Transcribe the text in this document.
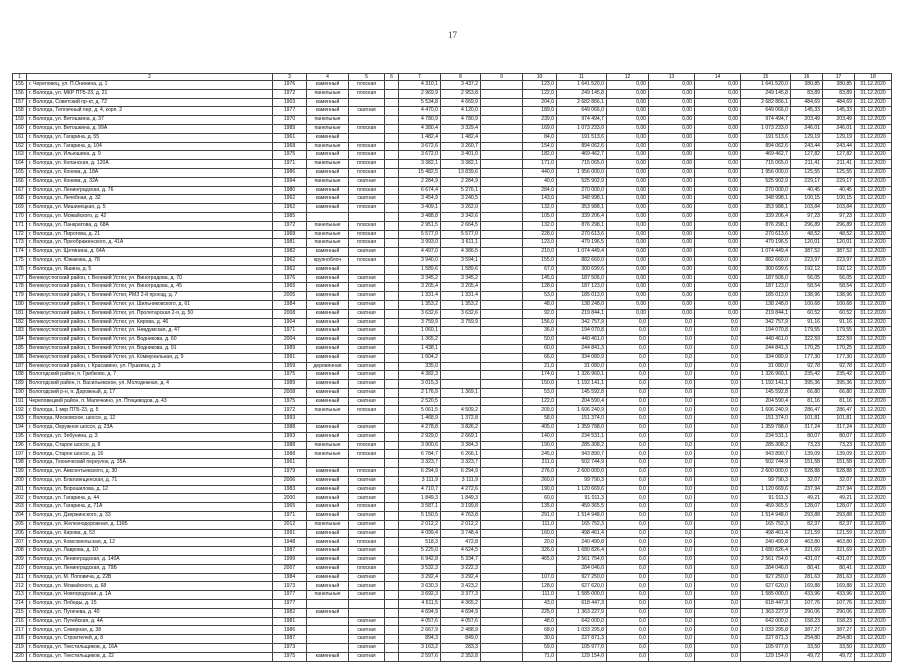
17
1	2	3	4	5	6	7	8	9	10	11	12	13	14	15	16	17	18
155	г. Череповец, ул. П.Онинина, д. 1	1976	каменный	плоская		4 310,1	3 437,2		123,0	1 641 520,0	0,00	0,00	0,00	1 641 520,0	380,85	380,85	31.12.2020
156	г. Вологда, ул. МКР ПТБ-23, д. 21	1972	панельные	плоская		2 969,9	2 953,8		122,0	249 145,8	0,00	0,00	0,00	249 145,8	83,89	83,89	31.12.2020
157	г. Вологда, Советский пр-кт, д. 72	1903	каменный			5 534,8	4 669,9		204,0	2 682 866,1	0,00	0,00	0,00	2 682 866,1	484,69	484,69	31.12.2020
158	г. Вологда, Тепличный пер, д. 4, корп. 2	1977	каменный	скатная		4 470,0	4 120,0		189,0	649 066,0	0,00	0,00	0,00	649 066,0	145,33	145,33	31.12.2020
159	г. Вологда, ул. Ветошкина, д. 37	1970	панельные			4 780,9	4 780,9		239,0	974 494,7	0,00	0,00	0,00	974 494,7	203,49	203,49	31.12.2020
160	г. Вологда, ул. Ветошкина, д. 99А	1989	панельные	плоская		4 380,4	3 329,4		169,0	1 073 233,0	0,00	0,00	0,00	1 073 233,0	246,01	246,01	31.12.2020
161	г. Вологда, ул. Гагарина, д. 55	1961	каменный			1 482,4	1 482,4		84,0	191 513,6	0,00	0,00	0,00	191 513,6	129,19	129,19	31.12.2020
162	г. Вологда, ул. Гагарина, д. 104	1968	панельные	плоская		3 672,6	3 260,7		154,0	894 062,6	0,00	0,00	0,00	894 062,6	243,44	243,44	31.12.2020
163	г. Вологда, ул. Ильюшина, д. 9	1975	каменный	плоская		3 672,0	3 401,0		182,0	469 462,7	0,00	0,00	0,00	469 462,7	127,82	127,82	31.12.2020
164	г. Вологда, ул. Копанская, д. 120А	1971	панельные	плоская		3 382,1	3 382,1		171,0	715 065,0	0,00	0,00	0,00	715 065,0	211,41	211,41	31.12.2020
165	г. Вологда, ул. Конева, д. 18А	1986	каменный	плоская		15 482,5	13 839,6		440,0	1 956 000,0	0,00	0,00	0,00	1 956 000,0	125,55	125,55	31.12.2020
166	г. Вологда, ул. Конева, д. 32А	1994	панельные	скатная		2 284,9	2 284,9		40,0	525 902,9	0,00	0,00	0,00	525 902,9	229,17	229,17	31.12.2020
167	г. Вологда, ул. Ленинградская, д. 76	1980	каменный	плоская		6 674,4	5 276,1		284,0	270 000,0	0,00	0,00	0,00	270 000,0	40,45	40,45	31.12.2020
168	г. Вологда, ул. Лечебная, д. 32	1962	каменный	скатная		3 454,9	3 240,5		143,0	348 998,1	0,00	0,00	0,00	348 998,1	100,15	100,15	31.12.2020
169	г. Вологда, ул. Мишинецкая, д. 5	1962	каменный	плоская		3 409,1	3 262,0		132,0	353 988,1	0,00	0,00	0,00	353 988,1	103,84	103,84	31.12.2020
170	г. Вологда, ул. Можайского, д. 42	1985				3 488,8	3 342,6		105,0	339 206,4	0,00	0,00	0,00	339 206,4	97,23	97,23	31.12.2020
171	г. Вологда, ул. Панкратова, д. 68А	1972	панельные	плоская		2 951,5	2 664,5		132,0	876 298,1	0,00	0,00	0,00	876 298,1	296,89	296,89	31.12.2020
172	г. Вологда, ул. Пирогова, д. 21	1968	панельные	плоская		5 577,0	5 577,0		228,0	270 613,6	0,00	0,00	0,00	270 613,6	48,52	48,52	31.12.2020
173	г. Вологда, ул. Преображенского, д. 41А	1981	панельные	плоская		3 993,0	3 611,1		123,0	479 196,5	0,00	0,00	0,00	479 196,5	120,01	120,01	31.12.2020
174	г. Вологда, ул. Щетинина, д. 64А	1982	каменный	скатная		4 497,0	4 386,5		210,0	1 074 449,4	0,00	0,00	0,00	1 074 449,4	387,52	387,52	31.12.2020
175	г. Вологда, ул. Южакова, д. 78	1962	крупноблоч	плоская		3 940,0	3 594,1		155,0	882 660,0	0,00	0,00	0,00	882 660,0	223,97	223,97	31.12.2020
176	г. Вологда, ул. Яшина, д. 5	1962	каменный			1 589,6	1 589,6		67,0	300 699,6	0,00	0,00	0,00	300 699,6	192,12	192,12	31.12.2020
177	Великоустюгский район, г. Великий Устюг, ул. Виноградова, д. 70	1976	каменный	скатная		3 345,2	3 345,2		145,0	187 506,0	0,00	0,00	0,00	187 506,0	56,05	56,05	31.12.2020
178	Великоустюгский район, г. Великий Устюг, ул. Виноградова, д. 45	1965	каменный	скатная		3 205,4	3 205,4		128,0	187 123,0	0,00	0,00	0,00	187 123,0	58,54	58,54	31.12.2020
179	Великоустюгский район, г. Великий Устюг, РМЗ 2-й проезд, д. 7	2005	каменный	скатная		1 331,4	1 331,4		53,0	185 013,0	0,00	0,00	0,00	185 013,0	138,96	138,96	31.12.2020
180	Великоустюгский район, г. Великий Устюг, ул. Шильниковского, д. 61	1984	каменный	скатная		1 353,2	1 353,2		48,0	138 248,0	0,00	0,00	0,00	138 248,0	100,68	100,68	31.12.2020
181	Великоустюгский район, г. Великий Устюг, ул. Пролетарская 2-я, д. 50	2008	каменный	скатная		3 632,6	3 632,6		92,0	219 844,1	0,00	0,00	0,00	219 844,1	60,52	60,52	31.12.2020
182	Великоустюгский район, г. Великий Устюг, ул. Кирова, д. 46	1904	каменный	скатная		3 759,9	3 759,9		156,0	342 757,9	0,0	0,0	0,0	342 757,9	91,16	91,16	31.12.2020
183	Великоустюгский район, г. Великий Устюг, ул. Невдумская, д. 47	1971	каменный	скатная		1 060,1			36,0	194 070,8	0,0	0,0	0,0	194 070,8	179,55	179,55	31.12.2020
184	Великоустюгский район, г. Великий Устюг, ул. Водникова, д. 60	2004	каменный	скатная		1 365,2			50,0	440 461,0	0,0	0,0	0,0	440 461,0	322,59	322,59	31.12.2020
185	Великоустюгский район, г. Великий Устюг, ул. Водникова, д. 91	1989	каменный	скатная		1 438,1			60,0	244 841,3	0,0	0,0	0,0	244 841,3	170,25	170,25	31.12.2020
186	Великоустюгский район, г. Великий Устюг, ул. Коммунальная, д. 9	1991	каменный	скатная		1 604,2			66,0	334 080,9	0,0	0,0	0,0	334 080,9	177,30	177,30	31.12.2020
187	Великоустюгский район, г. Красавино, ул. Пушкина, д. 3	1959	деревянная	скатная		335,0			21,0	31 080,0	0,0	0,0	0,0	31 080,0	92,78	92,78	31.12.2020
188	Вологодский район, п. Грибково, д. 7	1975	каменный	скатная		4 382,3			174,0	1 326 960,1	0,0	0,0	0,0	1 326 960,1	235,42	235,42	31.12.2020
189	Вологодский район, п. Васильевское, ул. Молодежная, д. 4	1989	каменный	скатная		3 015,3			150,0	1 192 141,1	0,0	0,0	0,0	1 192 141,1	395,36	395,36	31.12.2020
190	Вологодский р-н, п. Дорожный, д. 17	2008	каменный	скатная		2 176,9	1 369,1		53,0	145 592,8	0,0	0,0	0,0	145 592,8	66,80	66,80	31.12.2020
191	Череповецкий район, п. Малечкино, ул. Птицеводов, д. 43	1975	каменный	скатная		2 520,5			122,0	204 590,4	0,0	0,0	0,0	204 590,4	81,16	81,16	31.12.2020
192	г. Вологда, 1 мкр ПТБ-23, д. 5	1972	панельные	плоская		5 061,5	4 509,2		209,0	1 606 240,9	0,0	0,0	0,0	1 606 240,9	286,47	286,47	31.12.2020
193	г. Вологда, Московское, шоссе, д. 12	1993				1 468,9	1 372,8		58,0	151 374,0	0,0	0,0	0,0	151 374,0	101,81	101,81	31.12.2020
194	г. Вологда, Окружное шоссе, д. 23А	1988	каменный	скатная		4 278,8	3 826,2		405,0	1 359 788,0	0,0	0,0	0,0	1 359 788,0	317,24	317,24	31.12.2020
195	г. Вологда, ул. Зебунина, д. 3	1993	каменный	скатная		2 929,0	2 669,1		140,0	234 531,1	0,0	0,0	0,0	234 531,1	80,07	80,07	31.12.2020
196	г. Вологда, Старое шоссе, д. 8	1988	панельные	плоская		3 900,6	3 384,3		190,0	285 308,2	0,0	0,0	0,0	285 308,2	73,23	73,23	31.12.2020
197	г. Вологда, Старое шоссе, д. 16	1988	панельные	плоская		6 784,7	6 266,1		245,0	943 890,7	0,0	0,0	0,0	943 890,7	139,09	139,09	31.12.2020
198	г. Вологда, Технический переулок, д. 35А	1961				3 323,7	3 323,7		211,0	502 744,9	0,0	0,0	0,0	502 744,9	151,58	151,58	31.12.2020
199	г. Вологда, ул. Авксентьевского, д. 30	1979	каменный	плоская		6 294,9	6 294,9		276,0	2 600 000,0	0,0	0,0	0,0	2 600 000,0	528,88	528,88	31.12.2020
200	г. Вологда, ул. Благовещенская, д. 71	2006	каменный	скатная		3 111,9	3 111,9		260,0	99 790,3	0,0	0,0	0,0	99 790,3	32,07	32,07	31.12.2020
201	г. Вологда, ул. Ворошилова, д. 12	1983	каменный	скатная		4 710,7	4 272,6		190,0	1 120 669,6	0,0	0,0	0,0	1 120 669,6	237,94	237,94	31.12.2020
202	г. Вологда, ул. Гагарина, д. 44	2000	каменный	скатная		1 849,3	1 849,3		60,0	91 011,3	0,0	0,0	0,0	91 011,3	49,21	49,21	31.12.2020
203	г. Вологда, ул. Гагарина, д. 71А	1965	каменный	плоская		3 587,1	3 199,8		135,0	459 365,5	0,0	0,0	0,0	459 365,5	128,07	128,07	31.12.2020
204	г. Вологда, ул. Дзержинского, д. 33	1971	каменный	скатная		5 150,5	4 763,8		291,0	1 514 948,0	0,0	0,0	0,0	1 514 948,0	293,88	293,88	31.12.2020
205	г. Вологда, ул. Железнодорожная, д. 116Б	2012	панельные	скатная		2 012,2	2 012,2		111,0	165 752,3	0,0	0,0	0,0	165 752,3	82,37	82,37	31.12.2020
206	г. Вологда, ул. Кирова, д. 53	1991	каменный	скатная		4 099,4	3 748,4		160,0	498 461,4	0,0	0,0	0,0	498 461,4	121,59	121,59	31.12.2020
207	г. Вологда, ул. Комсомольская, д. 12	1948	каменный	плоская		518,3	472,8		20,0	240 490,8	0,0	0,0	0,0	240 490,8	463,80	463,80	31.12.2020
208	г. Вологда, ул. Лаврова, д. 10	1987	каменный	скатная		5 225,0	4 624,5		326,0	1 680 826,4	0,0	0,0	0,0	1 680 826,4	321,69	321,69	31.12.2020
209	г. Вологда, ул. Ленинградская, д. 140А	1999	каменный	скатная		6 942,8	5 334,7		465,0	2 561 754,0	0,0	0,0	0,0	2 561 754,0	431,07	431,07	31.12.2020
210	г. Вологда, ул. Ленинградская, д. 79Б	2007	каменный	плоская		3 532,3	3 222,3			284 046,0	0,0	0,0	0,0	284 046,0	80,41	80,41	31.12.2020
211	г. Вологда, ул. М. Поповича, д. 22В	1984	каменный	скатная		3 292,4	3 292,4		107,0	927 250,0	0,0	0,0	0,0	927 250,0	281,63	281,63	31.12.2020
212	г. Вологда, ул. Можайского, д. 68	1973	каменный	скатная		3 630,3	3 423,2		128,0	627 620,0	0,0	0,0	0,0	627 620,0	169,88	169,88	31.12.2020
213	г. Вологда, ул. Новгородская, д. 1А	1977	панельные	скатная		3 692,3	3 377,3		111,0	1 585 000,0	0,0	0,0	0,0	1 585 000,0	433,96	433,96	31.12.2020
214	г. Вологда, ул. Победы, д. 15	1977				4 611,5	4 365,2		43,0	618 447,3	0,0	0,0	0,0	618 447,3	107,76	107,76	31.12.2020
215	г. Вологда, ул. Пугачева, д. 40	1982	каменный			4 694,9	4 694,9		225,0	1 363 227,9	0,0	0,0	0,0	1 363 227,9	290,06	290,06	31.12.2020
216	г. Вологда, ул. Путейская, д. 4А	1981		скатная		4 057,6	4 057,6		48,0	642 000,0	0,0	0,0	0,0	642 000,0	158,23	158,23	31.12.2020
217	г. Вологда, ул. Северная, д. 38	1986		скатная		2 667,9	2 488,9		68,0	1 033 205,8	0,0	0,0	0,0	1 033 205,8	387,27	387,27	31.12.2020
218	г. Вологда, ул. Строителей, д. 8	1987		скатная		894,3	849,0		30,0	227 871,3	0,0	0,0	0,0	227 871,3	254,80	254,80	31.12.2020
219	г. Вологда, ул. Текстильщиков, д. 16А	1973		скатная		3 163,2	283,3		59,0	105 977,0	0,0	0,0	0,0	105 977,0	33,50	33,50	31.12.2020
220	г. Вологда, ул. Текстильщиков, д. 22	1975	каменный	скатная		2 597,6	2 352,8		71,0	129 154,0	0,0	0,0	0,0	129 154,0	49,72	49,72	31.12.2020
